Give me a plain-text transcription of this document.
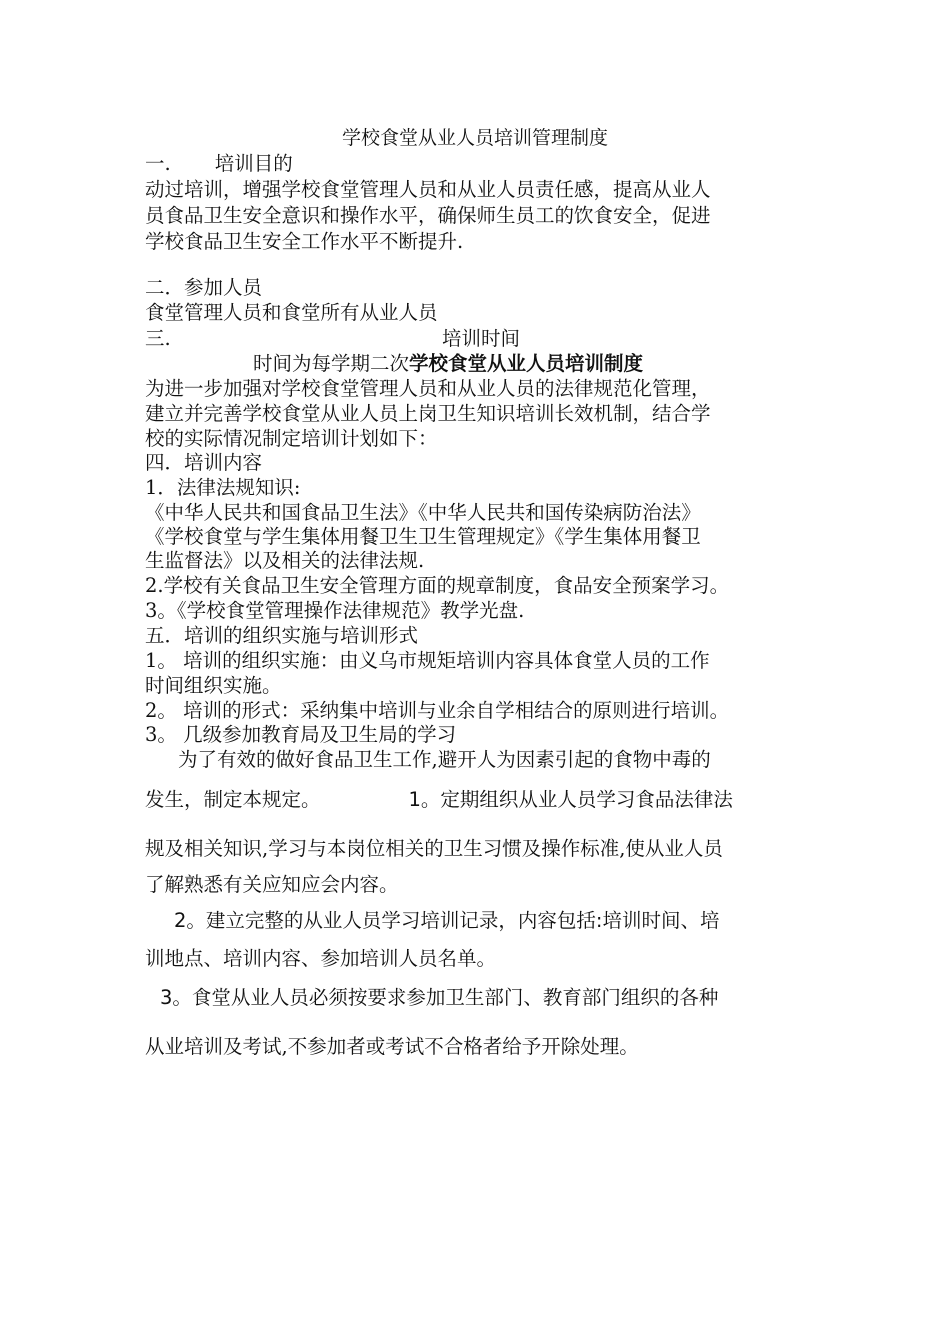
学校食堂从业人员培训管理制度
一. 培训目的
动过培训，增强学校食堂管理人员和从业人员责任感，提高从业人
员食品卫生安全意识和操作水平，确保师生员工的饮食安全，促进
学校食品卫生安全工作水平不断提升.
二．参加人员
食堂管理人员和食堂所有从业人员
三.	培训时间
时间为每学期二次学校食堂从业人员培训制度
为进一步加强对学校食堂管理人员和从业人员的法律规范化管理，
建立并完善学校食堂从业人员上岗卫生知识培训长效机制，结合学
校的实际情况制定培训计划如下：
四．培训内容
1．法律法规知识:
《中华人民共和国食品卫生法》《中华人民共和国传染病防治法》
《学校食堂与学生集体用餐卫生卫生管理规定》《学生集体用餐卫
生监督法》以及相关的法律法规.
2.学校有关食品卫生安全管理方面的规章制度，食品安全预案学习。
3。《学校食堂管理操作法律规范》教学光盘.
五．培训的组织实施与培训形式
1。 培训的组织实施：由义乌市规矩培训内容具体食堂人员的工作
时间组织实施。
2。 培训的形式：采纳集中培训与业余自学相结合的原则进行培训。
3。 几级参加教育局及卫生局的学习
为了有效的做好食品卫生工作,避开人为因素引起的食物中毒的
发生，制定本规定。	1。定期组织从业人员学习食品法律法
规及相关知识,学习与本岗位相关的卫生习惯及操作标准,使从业人员
了解熟悉有关应知应会内容。
2。建立完整的从业人员学习培训记录，内容包括:培训时间、培
训地点、培训内容、参加培训人员名单。
3。食堂从业人员必须按要求参加卫生部门、教育部门组织的各种
从业培训及考试,不参加者或考试不合格者给予开除处理。
